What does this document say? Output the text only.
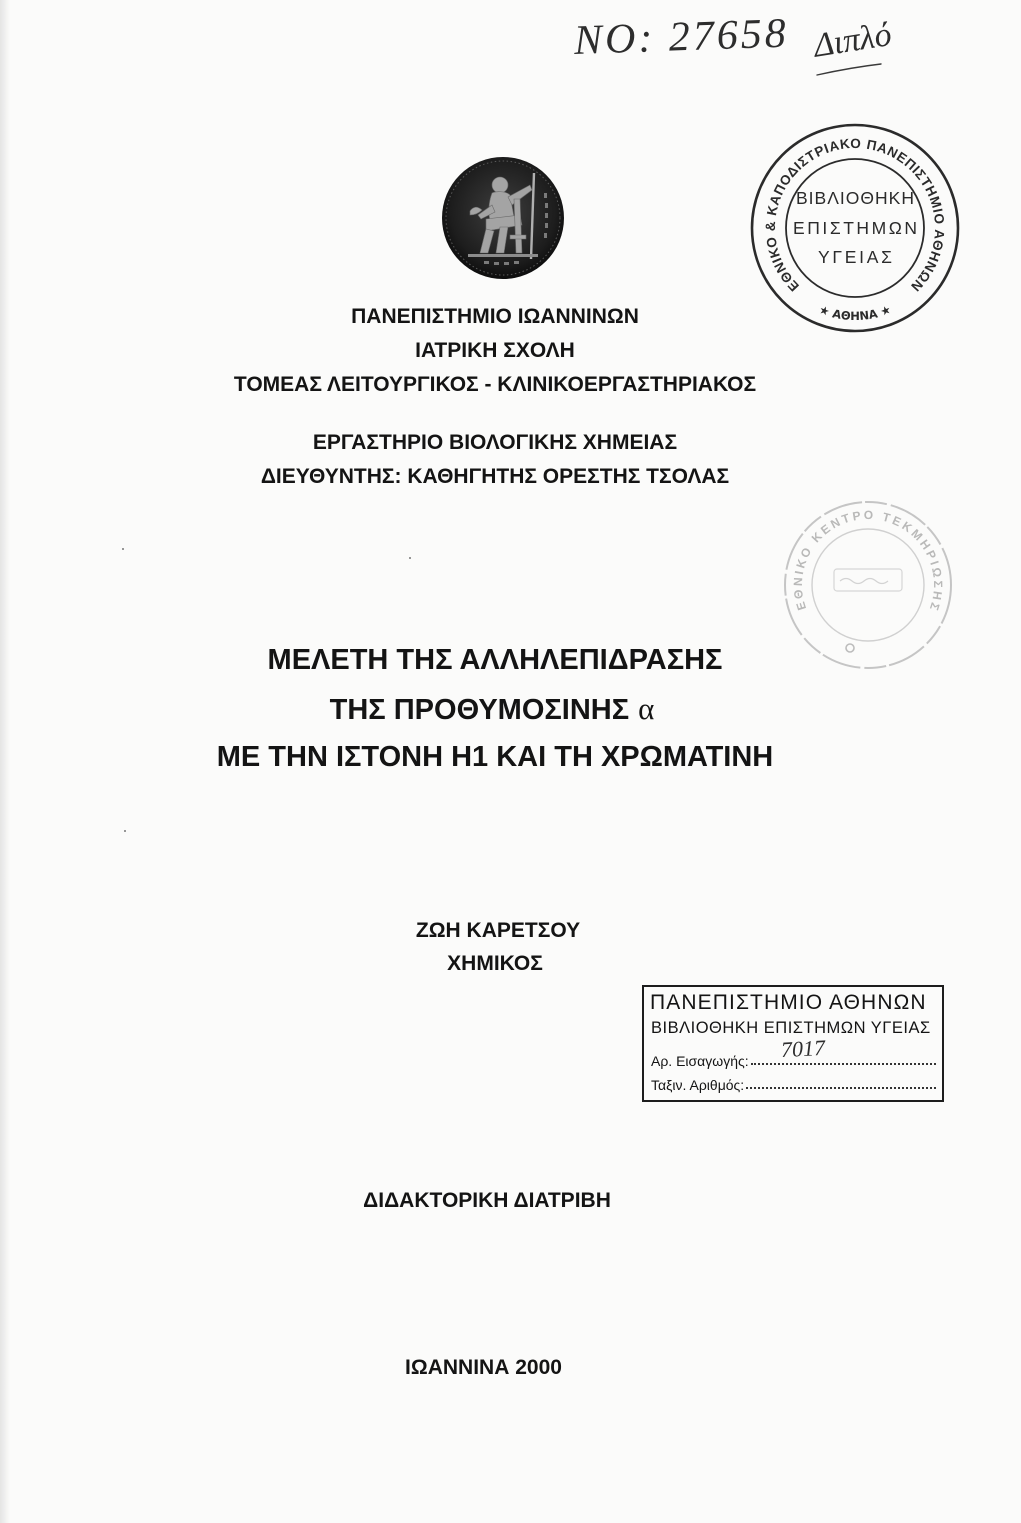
NO: 27658 Διπλό
ΕΘΝΙΚΟ & ΚΑΠΟΔΙΣΤΡΙΑΚΟ ΠΑΝΕΠΙΣΤΗΜΙΟ ΑΘΗΝΩΝ
★ ΑΘΗΝΑ ★
ΒΙΒΛΙΟΘΗΚΗ
ΕΠΙΣΤΗΜΩΝ
ΥΓΕΙΑΣ
ΕΘΝΙΚΟ ΚΕΝΤΡΟ ΤΕΚΜΗΡΙΩΣΗΣ
ΠΑΝΕΠΙΣΤΗΜΙΟ ΙΩΑΝΝΙΝΩΝ
ΙΑΤΡΙΚΗ ΣΧΟΛΗ
ΤΟΜΕΑΣ ΛΕΙΤΟΥΡΓΙΚΟΣ - ΚΛΙΝΙΚΟΕΡΓΑΣΤΗΡΙΑΚΟΣ
ΕΡΓΑΣΤΗΡΙΟ ΒΙΟΛΟΓΙΚΗΣ ΧΗΜΕΙΑΣ
ΔΙΕΥΘΥΝΤΗΣ: ΚΑΘΗΓΗΤΗΣ ΟΡΕΣΤΗΣ ΤΣΟΛΑΣ
ΜΕΛΕΤΗ ΤΗΣ ΑΛΛΗΛΕΠΙΔΡΑΣΗΣ
ΤΗΣ ΠΡΟΘΥΜΟΣΙΝΗΣ α
ΜΕ ΤΗΝ ΙΣΤΟΝΗ Η1 ΚΑΙ ΤΗ ΧΡΩΜΑΤΙΝΗ
ΖΩΗ ΚΑΡΕΤΣΟΥ
ΧΗΜΙΚΟΣ
ΠΑΝΕΠΙΣΤΗΜΙΟ ΑΘΗΝΩΝ
ΒΙΒΛΙΟΘΗΚΗ ΕΠΙΣΤΗΜΩΝ ΥΓΕΙΑΣ
Αρ. Εισαγωγής:
Ταξιν. Αριθμός:
7017
ΔΙΔΑΚΤΟΡΙΚΗ ΔΙΑΤΡΙΒΗ
ΙΩΑΝΝΙΝΑ 2000
